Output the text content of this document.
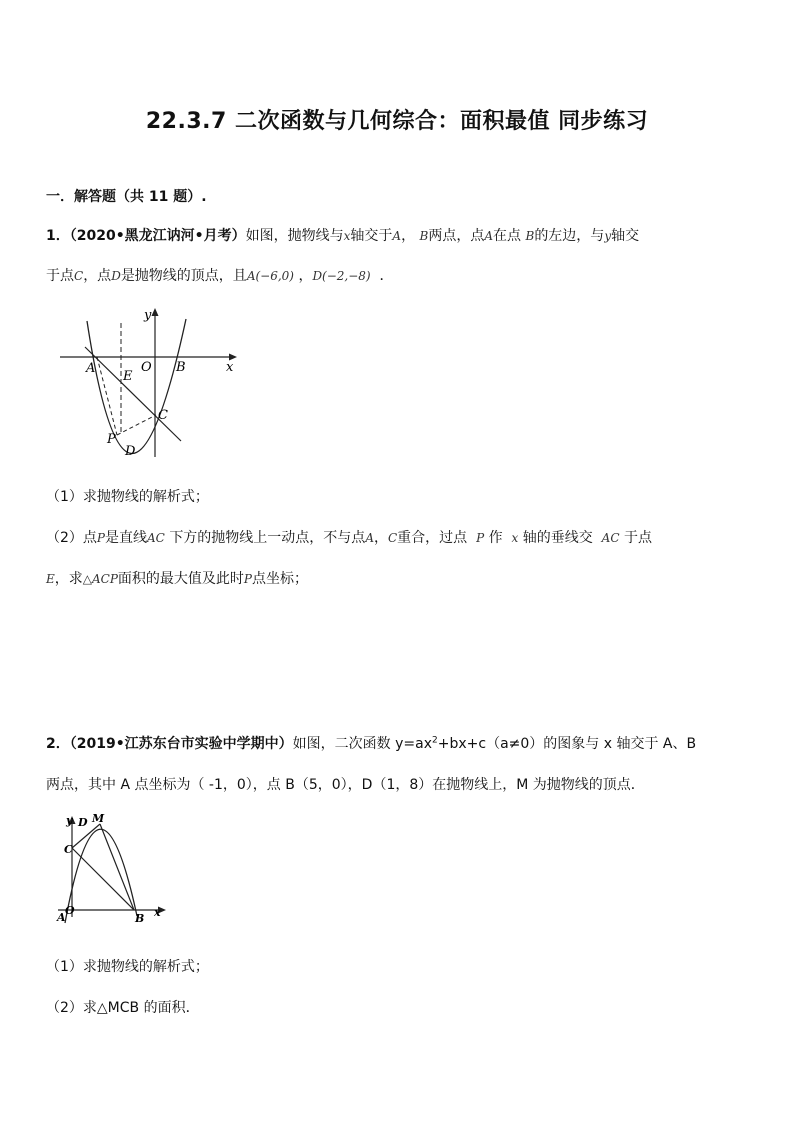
22.3.7 二次函数与几何综合：面积最值 同步练习
一．解答题（共 11 题）.
1．（2020•黑龙江讷河•月考）如图，抛物线与x轴交于A， B两点，点A在点 B的左边，与y轴交
于点C，点D是抛物线的顶点，且A(−6,0) ，D(−2,−8) ．
y
x
A
E
O B
C
P
D
（1）求抛物线的解析式；
（2）点P是直线AC 下方的抛物线上一动点，不与点A，C重合，过点 P 作 x 轴的垂线交 AC 于点
E，求△ACP面积的最大值及此时P点坐标；
2．（2019•江苏东台市实验中学期中）如图，二次函数 $y=ax^2+bx+c(a\ne 0)$的图象与 x 轴交于 A、B
两点，其中 A 点坐标为（ -1，0），点 B（5，0），D（1，8）在抛物线上，M 为抛物线的顶点．
y D M
C
O
A	B x
（1）求抛物线的解析式；
（2）求△MCB 的面积．
